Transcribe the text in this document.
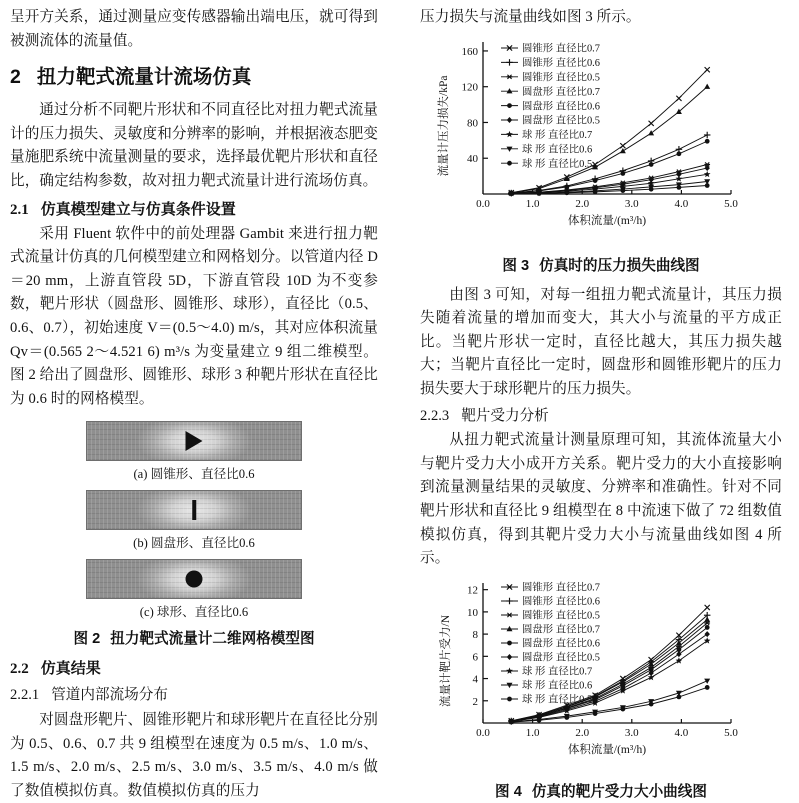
呈开方关系，通过测量应变传感器输出端电压，就可得到被测流体的流量值。

2 扭力靶式流量计流场仿真

通过分析不同靶片形状和不同直径比对扭力靶式流量计的压力损失、灵敏度和分辨率的影响，并根据液态肥变量施肥系统中流量测量的要求，选择最优靶片形状和直径比，确定结构参数，故对扭力靶式流量计进行流场仿真。

2.1 仿真模型建立与仿真条件设置

采用 Fluent 软件中的前处理器 Gambit 来进行扭力靶式流量计仿真的几何模型建立和网格划分。以管道内径 D＝20 mm，上游直管段 5D，下游直管段 10D 为不变参数，靶片形状（圆盘形、圆锥形、球形），直径比（0.5、0.6、0.7），初始速度 V＝(0.5～4.0) m/s，其对应体积流量 Qv＝(0.565 2～4.521 6) m³/s 为变量建立 9 组二维模型。图 2 给出了圆盘形、圆锥形、球形 3 种靶片形状在直径比为 0.6 时的网格模型。

(a) 圆锥形、直径比0.6
(b) 圆盘形、直径比0.6
(c) 球形、直径比0.6
图 2 扭力靶式流量计二维网格模型图
2.2 仿真结果
2.2.1 管道内部流场分布

对圆盘形靶片、圆锥形靶片和球形靶片在直径比分别为 0.5、0.6、0.7 共 9 组模型在速度为 0.5 m/s、1.0 m/s、1.5 m/s、2.0 m/s、2.5 m/s、3.0 m/s、3.5 m/s、4.0 m/s 做了数值模拟仿真。数值模拟仿真的压力

压力损失与流量曲线如图 3 所示。

0.0	1.0	2.0	3.0	4.0	5.0
40
80
120
160
体积流量/(m³/h)
流量计压力损失/kPa
圆锥形 直径比0.7
圆锥形 直径比0.6
圆锥形 直径比0.5
圆盘形 直径比0.7
圆盘形 直径比0.6
圆盘形 直径比0.5
球 形 直径比0.7
球 形 直径比0.6
球 形 直径比0.5
图 3 仿真时的压力损失曲线图

由图 3 可知，对每一组扭力靶式流量计，其压力损失随着流量的增加而变大，其大小与流量的平方成正比。当靶片形状一定时，直径比越大，其压力损失越大；当靶片直径比一定时，圆盘形和圆锥形靶片的压力损失要大于球形靶片的压力损失。

2.2.3 靶片受力分析

从扭力靶式流量计测量原理可知，其流体流量大小与靶片受力大小成开方关系。靶片受力的大小直接影响到流量测量结果的灵敏度、分辨率和准确性。针对不同靶片形状和直径比 9 组模型在 8 中流速下做了 72 组数值模拟仿真，得到其靶片受力大小与流量曲线如图 4 所示。

0.0	1.0	2.0	3.0	4.0	5.0
2
4
6
8
10
12
体积流量/(m³/h)
流量计靶片受力/N
圆锥形 直径比0.7
圆锥形 直径比0.6
圆锥形 直径比0.5
圆盘形 直径比0.7
圆盘形 直径比0.6
圆盘形 直径比0.5
球 形 直径比0.7
球 形 直径比0.6
球 形 直径比0.5
图 4 仿真的靶片受力大小曲线图
